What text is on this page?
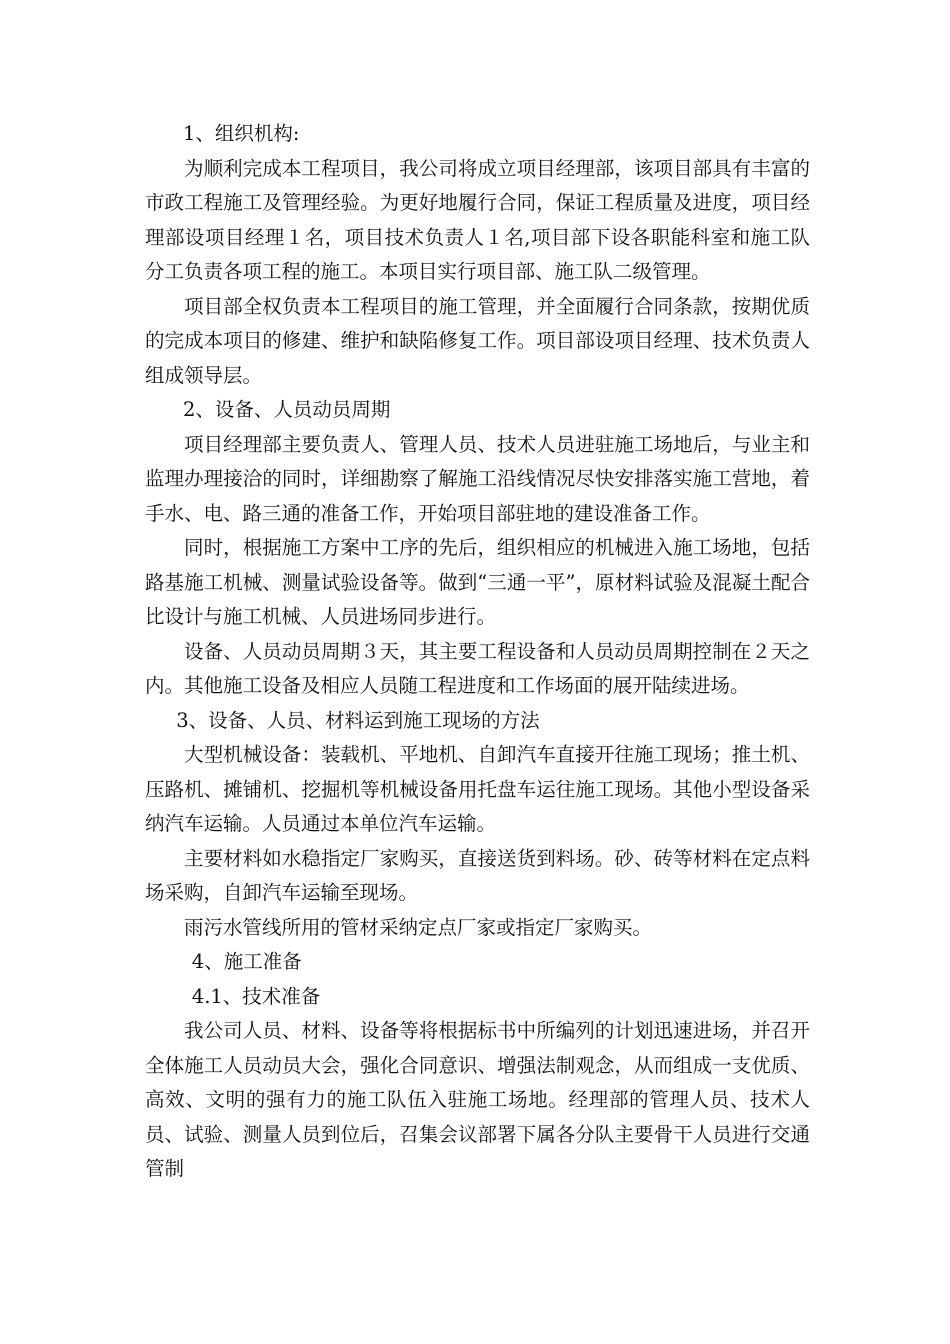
1、组织机构:

为顺利完成本工程项目，我公司将成立项目经理部，该项目部具有丰富的市政工程施工及管理经验。为更好地履行合同，保证工程质量及进度，项目经理部设项目经理１名，项目技术负责人１名,项目部下设各职能科室和施工队分工负责各项工程的施工。本项目实行项目部、施工队二级管理。

项目部全权负责本工程项目的施工管理，并全面履行合同条款，按期优质的完成本项目的修建、维护和缺陷修复工作。项目部设项目经理、技术负责人组成领导层。

2、设备、人员动员周期

项目经理部主要负责人、管理人员、技术人员进驻施工场地后，与业主和监理办理接洽的同时，详细勘察了解施工沿线情况尽快安排落实施工营地，着手水、电、路三通的准备工作，开始项目部驻地的建设准备工作。

同时，根据施工方案中工序的先后，组织相应的机械进入施工场地，包括路基施工机械、测量试验设备等。做到“三通一平”，原材料试验及混凝土配合比设计与施工机械、人员进场同步进行。

设备、人员动员周期３天，其主要工程设备和人员动员周期控制在２天之内。其他施工设备及相应人员随工程进度和工作场面的展开陆续进场。

3、设备、人员、材料运到施工现场的方法

大型机械设备：装载机、平地机、自卸汽车直接开往施工现场；推土机、压路机、摊铺机、挖掘机等机械设备用托盘车运往施工现场。其他小型设备采纳汽车运输。人员通过本单位汽车运输。

主要材料如水稳指定厂家购买，直接送货到料场。砂、砖等材料在定点料场采购，自卸汽车运输至现场。

雨污水管线所用的管材采纳定点厂家或指定厂家购买。

4、施工准备

4.1、技术准备

我公司人员、材料、设备等将根据标书中所编列的计划迅速进场，并召开全体施工人员动员大会，强化合同意识、增强法制观念，从而组成一支优质、高效、文明的强有力的施工队伍入驻施工场地。经理部的管理人员、技术人员、试验、测量人员到位后，召集会议部署下属各分队主要骨干人员进行交通管制
